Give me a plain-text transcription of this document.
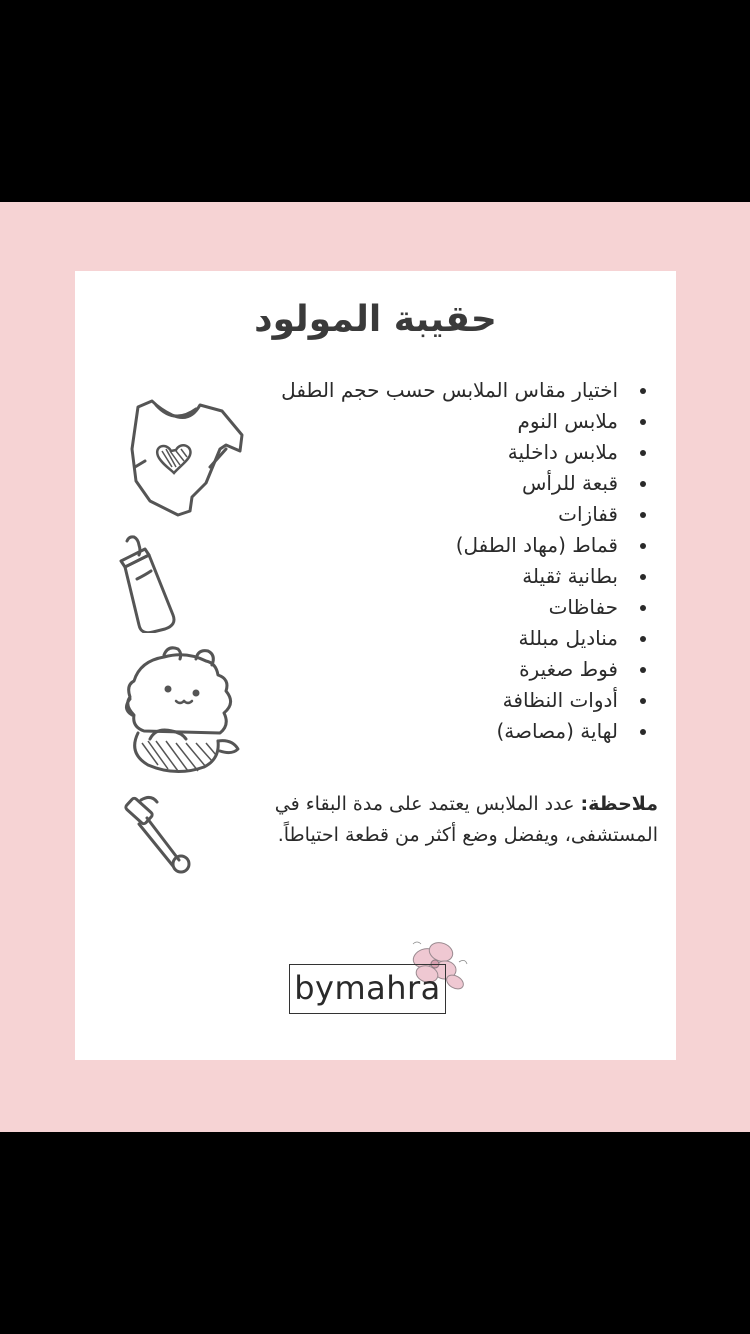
حقيبة المولود
اختيار مقاس الملابس حسب حجم الطفل
ملابس النوم
ملابس داخلية
قبعة للرأس
قفازات
قماط (مهاد الطفل)
بطانية ثقيلة
حفاظات
مناديل مبللة
فوط صغيرة
أدوات النظافة
لهاية (مصاصة)

ملاحظة: عدد الملابس يعتمد على مدة البقاء في المستشفى، ويفضل وضع أكثر من قطعة احتياطاً.

bymahra
